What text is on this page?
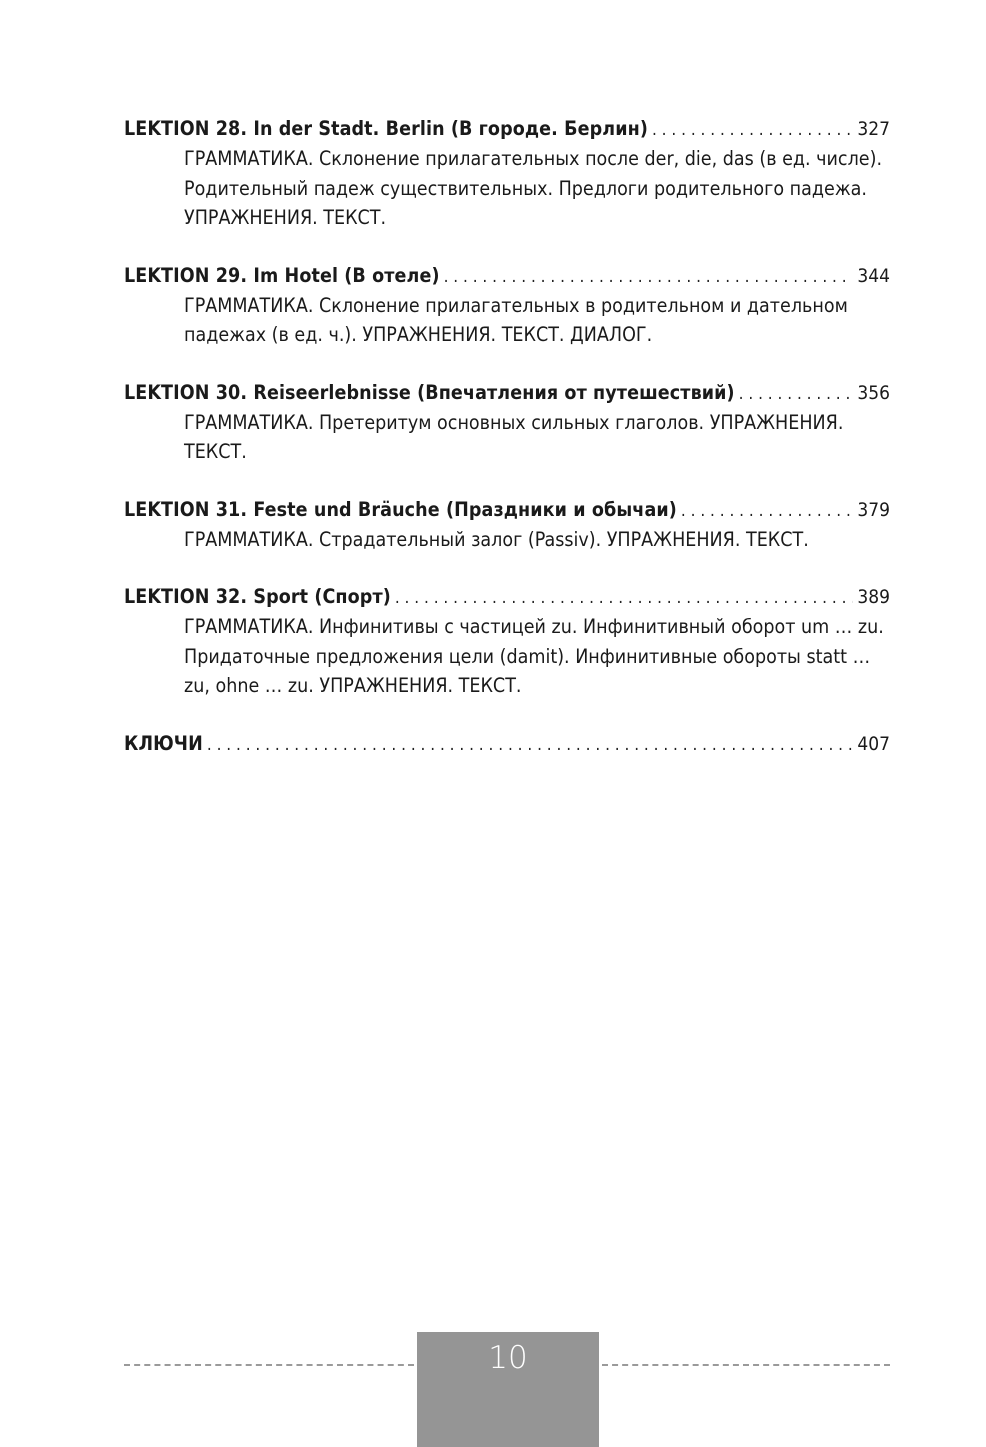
LEKTION 28. In der Stadt. Berlin (В городе. Берлин) . . .	327
ГРАММАТИКА. Склонение прилагательных после der, die, das (в ед. числе). Родительный падеж существительных. Предлоги родительного падежа. УПРАЖНЕНИЯ. ТЕКСТ.
LEKTION 29. Im Hotel (В отеле) . . .	344
ГРАММАТИКА. Склонение прилагательных в родительном и дательном падежах (в ед. ч.). УПРАЖНЕНИЯ. ТЕКСТ. ДИАЛОГ.
LEKTION 30. Reiseerlebnisse (Впечатления от путешествий) . . .	356
ГРАММАТИКА. Претеритум основных сильных глаголов. УПРАЖНЕНИЯ. ТЕКСТ.
LEKTION 31. Feste und Bräuche (Праздники и обычаи) . . .	379
ГРАММАТИКА. Страдательный залог (Passiv). УПРАЖНЕНИЯ. ТЕКСТ.
LEKTION 32. Sport (Спорт) . . .	389
ГРАММАТИКА. Инфинитивы с частицей zu. Инфинитивный оборот um … zu. Придаточные предложения цели (damit). Инфинитивные обороты statt … zu, ohne … zu. УПРАЖНЕНИЯ. ТЕКСТ.
КЛЮЧИ . . .	407
10
